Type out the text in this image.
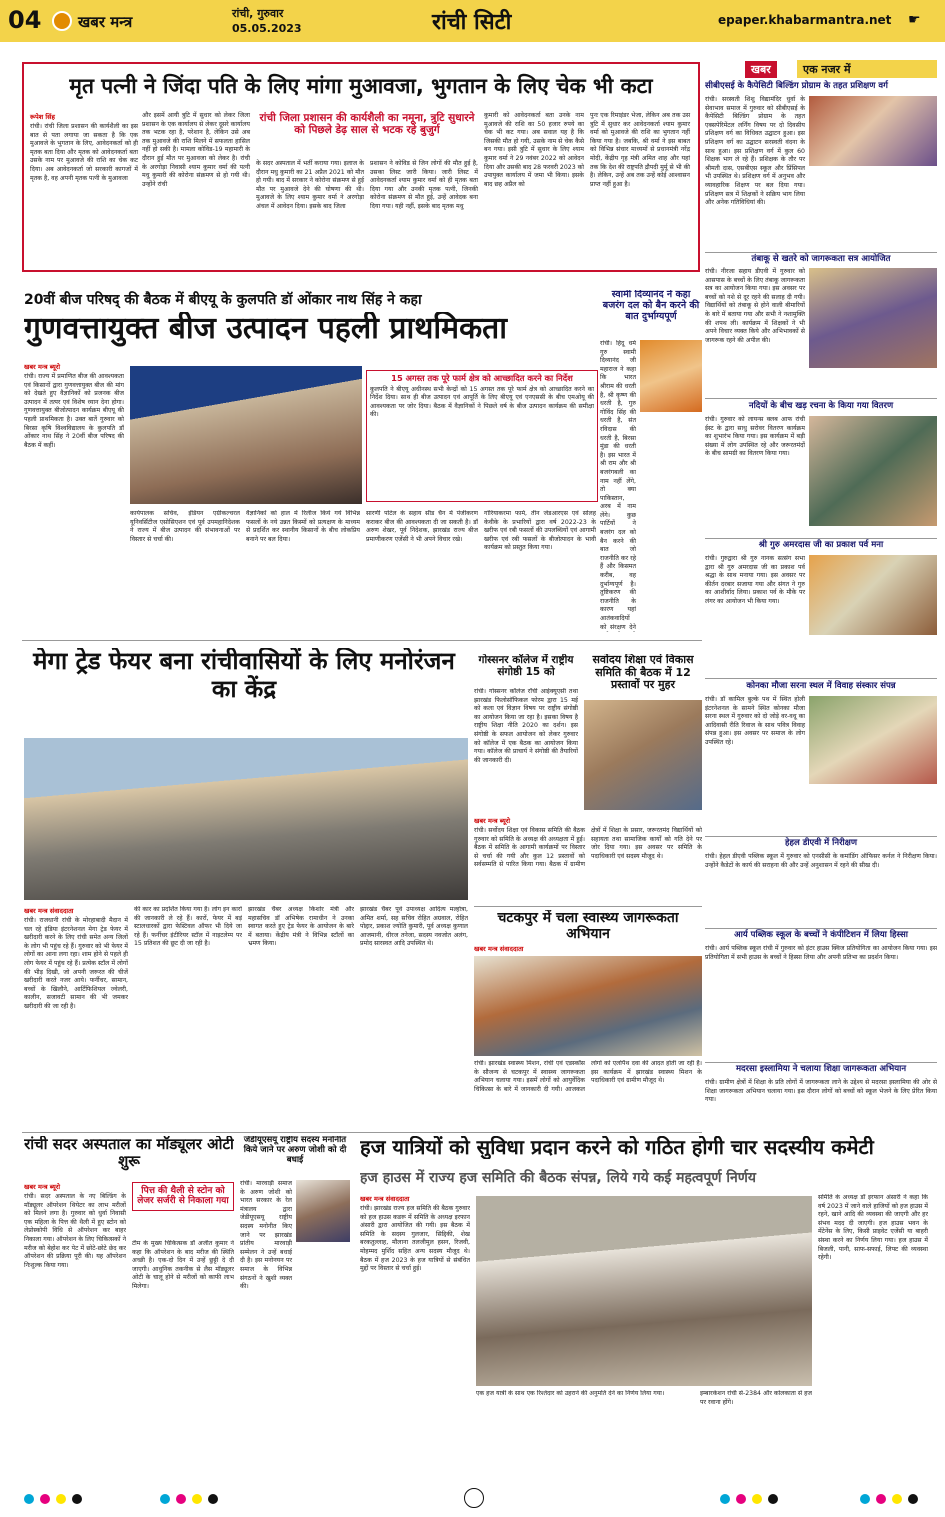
04 खबर मन्त्र	रांची, गुरुवार
05.05.2023	रांची सिटी	epaper.khabarmantra.net ☛
मृत पत्नी ने जिंदा पति के लिए मांगा मुआवजा, भुगतान के लिए चेक भी कटा
रूपेश सिंह
रांची। रांची जिला प्रशासन की कार्यशैली का इस बात से पता लगाया जा सकता है कि एक मुआवजे के भुगतान के लिए, आवेदनकर्ता को ही मृतक बता दिया और मृतक को आवेदनकर्ता बता उसके नाम पर मुआवजे की राशि का चेक कट दिया। अब आवेदनकर्ता जो सरकारी कागजों में मृतक है, वह अपनी मृतक पत्नी के मुआवजा
और इसमें आयी त्रुटि में सुधार को लेकर जिला प्रशासन के एक कार्यालय से लेकर दूसरे कार्यालय तक भटक रहा है, परेशान है, लेकिन उसे अब तक मुआवजे की राशि मिलने में सफलता हासिल नहीं हो सकी है। मामला कोविड-19 महामारी के दौरान हुई मौत पर मुआवजा को लेकर है। रांची के अरगोड़ा निवासी श्याम कुमार वर्मा की पत्नी मधु कुमारी की कोरोना संक्रमण से हो गयी थी। उन्होंने रांची
रांची जिला प्रशासन की कार्यशैली का नमूना, त्रुटि सुधारने को पिछले डेढ़ साल से भटक रहे बुजुर्ग
के सदर अस्पताल में भर्ती कराया गया। इलाज के दौरान मधु कुमारी का 21 अप्रैल 2021 को मौत हो गयी। बाद में सरकार ने कोरोना संक्रमण से हुई मौत पर मुआवजे देने की घोषणा की थी। मुआवजे के लिए श्याम कुमार वर्मा ने अरगोड़ा अंचल में आवेदन दिया। इसके बाद जिला
प्रशासन ने कोविड से जिन लोगों की मौत हुई है, उसका लिस्ट जारी किया। जारी लिस्ट में आवेदनकर्ता श्याम कुमार वर्मा को ही मृतक बता दिया गया और उनकी मृतक पत्नी, जिनकी कोरोना संक्रमण से मौत हुई, उन्हें आवेदक बना दिया गया। यही नहीं, इसके बाद मृतक मधु
कुमारी को आवेदनकर्ता बता उनके नाम मुआवजे की राशि का 50 हजार रुपये का चेक भी कट गया। अब सवाल यह है कि जिसकी मौत हो गयी, उसके नाम से चेक कैसे बन गया। इसी त्रुटि में सुधार के लिए श्याम कुमार वर्मा ने 29 नवंबर 2022 को आवेदन दिया और उसकी बाद 28 फरवरी 2023 को उपायुक्त कार्यालय में जमा भी किया। इसके बाद छह अप्रैल को
पुनः एक रिमाइंडर भेजा, लेकिन अब तक उस त्रुटि में सुधार कर आवेदनकर्ता श्याम कुमार वर्मा को मुआवजे की राशि का भुगतान नहीं किया गया है। जबकि, श्री वर्मा ने इस बाबत को विभिन्न संचार माध्यमों से प्रधानमंत्री नरेंद्र मोदी, केंद्रीय गृह मंत्री अमित शाह और यहां तक कि देश की राष्ट्रपति द्रौपदी मुर्मू से भी की है। लेकिन, उन्हें अब तक उन्हें कोई आश्वासन प्राप्त नहीं हुआ है।
खबर	एक नजर में
सीबीएसई के कैपेसिटी बिल्डिंग प्रोग्राम के तहत प्रशिक्षण वर्ग
रांची। सरस्वती शिशु विद्यामंदिर धुर्वा के सेवाभाव समाज में गुरुवार को सीबीएसई के कैपेसिटी बिल्डिंग प्रोग्राम के तहत एक्सपेरिमेंटल लर्निंग विषय पर दो दिवसीय प्रशिक्षण वर्ग का विधिवत उद्घाटन हुआ। इस प्रशिक्षण वर्ग का उद्घाटन सरस्वती वंदना के साथ हुआ। इस प्रशिक्षण वर्ग में कुल 60 शिक्षक भाग ले रहे हैं। प्रशिक्षक के तौर पर श्रीमती दास, एसबीएस स्कूल और प्रिंसिपल भी उपस्थित थे। प्रशिक्षण वर्ग में अनुभव और व्यावहारिक शिक्षण पर बल दिया गया। प्रशिक्षण सत्र में शिक्षकों ने सक्रिय भाग लिया और अनेक गतिविधियां की।
तंबाकू से खतरे को जागरूकता सत्र आयोजित
रांची। नीरजा सहाय डीएवी में गुरुवार को आसपास के बच्चों के लिए तंबाकू जागरूकता सत्र का आयोजन किया गया। इस अवसर पर बच्चों को नशे से दूर रहने की सलाह दी गयी। विद्यार्थियों को तंबाकू से होने वाली बीमारियों के बारे में बताया गया और सभी ने नशामुक्ति की शपथ ली। कार्यक्रम में शिक्षकों ने भी अपने विचार व्यक्त किये और अभिभावकों से जागरूक रहने की अपील की।
नदियों के बीच खड़ रचना के किया गया वितरण
रांची। गुरुवार को लायन्स क्लब आफ रांची ईस्ट के द्वारा साधु सरोवर वितरण कार्यक्रम का शुभारंभ किया गया। इस कार्यक्रम में बड़ी संख्या में लोग उपस्थित रहे और जरूरतमंदों के बीच सामग्री का वितरण किया गया।
श्री गुरु अमरदास जी का प्रकाश पर्व मना
रांची। गुरुद्वारा श्री गुरु नानक सत्संग सभा द्वारा श्री गुरु अमरदास जी का प्रकाश पर्व श्रद्धा के साथ मनाया गया। इस अवसर पर कीर्तन दरबार सजाया गया और संगत ने गुरु का आशीर्वाद लिया। प्रकाश पर्व के मौके पर लंगर का आयोजन भी किया गया।
कोनका मौजा सरना स्थल में विवाह संस्कार संपन्न
रांची। डॉ कामिल बुल्के पथ में स्थित होली इंटरनेशनल के सामने स्थित कोनका मौजा सरना स्थल में गुरुवार को दो जोड़े वर-वधू का आदिवासी रीति रिवाज के साथ पवित्र विवाह संपन्न हुआ। इस अवसर पर समाज के लोग उपस्थित रहे।
हेहल डीएवी में निरीक्षण
रांची। हेहल डीएवी पब्लिक स्कूल में गुरुवार को एनसीसी के कमांडिंग ऑफिसर कर्नल ने निरीक्षण किया। उन्होंने कैडेटों के कार्य की सराहना की और उन्हें अनुशासन में रहने की सीख दी।
आर्य पब्लिक स्कूल के बच्चों ने कंपीटिशन में लिया हिस्सा
रांची। आर्य पब्लिक स्कूल रांची में गुरुवार को इंटर हाउस क्विज प्रतियोगिता का आयोजन किया गया। इस प्रतियोगिता में सभी हाउस के बच्चों ने हिस्सा लिया और अपनी प्रतिभा का प्रदर्शन किया।
मदरसा इस्लामिया ने चलाया शिक्षा जागरूकता अभियान
रांची। ग्रामीण क्षेत्रों में शिक्षा के प्रति लोगों में जागरूकता लाने के उद्देश्य से मदरसा इस्लामिया की ओर से शिक्षा जागरूकता अभियान चलाया गया। इस दौरान लोगों को बच्चों को स्कूल भेजने के लिए प्रेरित किया गया।
20वीं बीज परिषद् की बैठक में बीएयू के कुलपति डॉ ओंकार नाथ सिंह ने कहा
गुणवत्तायुक्त बीज उत्पादन पहली प्राथमिकता
खबर मन्त्र ब्यूरो
रांची। राज्य में प्रमाणित बीज की आवश्यकता एवं किसानों द्वारा गुणवत्तायुक्त बीज की मांग को देखते हुए वैज्ञानिकों को प्रजनक बीज उत्पादन में तत्पर एवं विशेष ध्यान देना होगा। गुणवत्तायुक्त बीजोत्पादन कार्यक्रम बीएयू की पहली प्राथमिकता है। उक्त बातें गुरुवार को बिरसा कृषि विश्वविद्यालय के कुलपति डॉ ओंकार नाथ सिंह ने 20वीं बीज परिषद की बैठक में कहीं।
15 अगस्त तक पूरे फार्म क्षेत्र को आच्छादित करने का निर्देश
कुलपति ने बीएयू अधीनस्थ सभी केन्द्रों को 15 अगस्त तक पूरे फार्म क्षेत्र को आच्छादित करने का निर्देश दिया। साथ ही बीज उत्पादन एवं आपूर्ति के लिए बीएयू एवं एनएससी के बीच एमओयू की आवश्यकता पर जोर दिया। बैठक में वैज्ञानिकों ने पिछले वर्ष के बीज उत्पादन कार्यक्रम की समीक्षा की।
कार्यपालक सचिव, इंडियन एग्रीकल्चरल यूनिवर्सिटीज एसोसिएशन एवं पूर्व उपमहानिदेशक ने राज्य में बीज उत्पादन की संभावनाओं पर विस्तार से चर्चा की।
वैज्ञानिकों को हाल में रिलीज किये गये विभिन्न फसलों के नये उन्नत किस्मों को प्रत्यक्षण के माध्यम से प्रदर्शित कर स्थानीय किसानों के बीच लोकप्रिय बनाने पर बल दिया।
सारणी पोर्टल के सहाय सीड चैन में पंजीकरण कराकर बीज की आवश्यकता दी जा सकती है। डॉ अरुण शेखर, पूर्व निदेशक, झारखंड राज्य बीज प्रमाणीकरण एजेंसी ने भी अपने विचार रखे।
गोरियाकरमा फार्म, तीन जेडआरएस एवं सोलह केवीके के प्रभारियों द्वारा वर्ष 2022-23 के खरीफ एवं रबी फसलों की उपलब्धियों एवं आगामी खरीफ एवं रबी फसलों के बीजोत्पादन के भावी कार्यक्रम को प्रस्तुत किया गया।
स्वामी दिव्यानंद ने कहा बजरंग दल को बैन करने की बात दुर्भाग्यपूर्ण
रांची। हिंदू धर्म गुरु स्वामी दिव्यानंद जी महाराज ने कहा कि भारत श्रीराम की धरती है, श्री कृष्ण की धरती है, गुरु गोविंद सिंह की धरती है, संत रविदास की धरती है, बिरसा मुंडा की धरती है। इस भारत में श्री राम और श्री बजरंगबली का नाम नहीं लेंगे, तो क्या पाकिस्तान, अरब में नाम लेंगे। कुछ पार्टियों ने बजरंग दल को बैन करने की बात जो राजनीति कर रहे हैं और किसमत करीब, वह दुर्भाग्यपूर्ण है। तुष्टिकरण की राजनीति के कारण यहां आतंकवादियों को संरक्षण देने
मेगा ट्रेड फेयर बना रांचीवासियों के लिए मनोरंजन का केंद्र
खबर मन्त्र संवाददाता
रांची। राजधानी रांची के मोरहाबादी मैदान में चल रहे इंडिया इंटरनेशनल मेगा ट्रेड फेयर में खरीदारी करने के लिए रांची समेत अन्य जिलों के लोग भी पहुंच रहे हैं। गुरुवार को भी फेयर में लोगों का आना लगा रहा। शाम होने से पहले ही लोग फेयर में पहुंच रहे हैं। प्रत्येक स्टॉल में लोगों की भीड़ दिखी, जो अपनी जरूरत की चीजें खरीदारी करते नजर आये। फर्नीचर, सामान, बच्चों के खिलौने, आर्टिफिशियल ज्वेलरी, कालीन, सजावटी सामान की भी जमकर खरीदारी की जा रही है।
की कार का प्रदर्शित किया गया है। लोग इन कारों की जानकारी ले रहे हैं। कारों, फेयर में बड़ं स्टालधारकों द्वारा फेस्टिवल ऑफर भी दिये जा रहे हैं। फर्नीचर इंटीरियर स्टॉल में नाइटलेम्प पर 15 प्रतिशत की छूट दी जा रही है।
झारखंड चैंबर अध्यक्ष किशोर मंत्री और महासचिव डॉ अभिषेक रामाधीन ने उनका स्वागत करते हुए ट्रेड फेयर के आयोजन के बारे में बताया। केंद्रीय मंत्री ने विभिन्न स्टॉलों का भ्रमण किया।
झारखंड चैंबर पूर्व उपाध्यक्ष आदित्य मल्होत्रा, अमित शर्मा, सह सचिव रोहित अग्रवाल, रोहित पोद्दार, प्रकाश ज्योति कुमारी, पूर्व अध्यक्ष कुणाल आजमानी, धीरज तनेजा, सदस्य नवजोत अलंग, प्रमोद सारस्वत आदि उपस्थित थे।
गोस्सनर कॉलेज में राष्ट्रीय संगोष्ठी 15 को
रांची। गोस्सनर कॉलेज राँची आईक्यूएसी तथा झारखंड फिलोसॉफिकल फोरम द्वारा 15 मई को कला एवं विज्ञान विषय पर राष्ट्रीय संगोष्ठी का आयोजन किया जा रहा है। इसका विषय है राष्ट्रीय शिक्षा नीति 2020 का दर्शन। इस संगोष्ठी के सफल आयोजन को लेकर गुरुवार को कॉलेज में एक बैठक का आयोजन किया गया। कॉलेज की प्राचार्य ने संगोष्ठी की तैयारियों की जानकारी दी।
सर्वोदय शिक्षा एवं विकास समिति की बैठक में 12 प्रस्तावों पर मुहर
खबर मन्त्र ब्यूरो
रांची। सर्वोदय शिक्षा एवं विकास समिति की बैठक गुरुवार को समिति के अध्यक्ष की अध्यक्षता में हुई। बैठक में समिति के आगामी कार्यक्रमों पर विस्तार से चर्चा की गयी और कुल 12 प्रस्तावों को सर्वसम्मति से पारित किया गया। बैठक में ग्रामीण क्षेत्रों में शिक्षा के प्रसार, जरूरतमंद विद्यार्थियों को सहायता तथा सामाजिक कार्यों को गति देने पर जोर दिया गया। इस अवसर पर समिति के पदाधिकारी एवं सदस्य मौजूद थे।
चटकपुर में चला स्वास्थ्य जागरूकता अभियान
खबर मन्त्र संवाददाता
रांची। झारखंड स्वास्थ्य मिशन, रांची एवं एडस्कॉस के सौजन्य से चटकपुर में स्वास्थ्य जागरूकता अभियान चलाया गया। इसमें लोगों को आयुर्वेदिक चिकित्सा के बारे में जानकारी दी गयी। आजकल लोगों को एलोपैथ दवा की आदत होती जा रही है। इस कार्यक्रम में झारखंड स्वास्थ्य मिशन के पदाधिकारी एवं ग्रामीण मौजूद थे।
रांची सदर अस्पताल का मॉड्यूलर ओटी शुरू
खबर मन्त्र ब्यूरो
रांची। सदर अस्पताल के नए बिल्डिंग के मॉड्यूलर ऑपरेशन थियेटर का लाभ मरीजों को मिलने लगा है। गुरुवार को धुर्वा निवासी एक महिला के पित्त की थैली में हुए स्टोन को लेप्रोस्कोपी विधि से ऑपरेशन कर बाहर निकाला गया। ऑपरेशन के लिए चिकित्सकों ने मरीज को बेहोश कर पेट में छोटे-छोटे छेद कर ऑपरेशन की प्रक्रिया पूरी की। यह ऑपरेशन निःशुल्क किया गया।
पित्त की थैली से स्टोन को लेजर सर्जरी से निकाला गया
टीम के मुख्य चिकित्सक डॉ अजीत कुमार ने कहा कि ऑपरेशन के बाद मरीज की स्थिति अच्छी है। एक-दो दिन में उन्हें छुट्टी दे दी जाएगी। आधुनिक तकनीक से लैस मॉड्यूलर ओटी के चालू होने से मरीजों को काफी लाभ मिलेगा।
जेडीयूएसयू राष्ट्रीय सदस्य मनोनीत किये जाने पर अरुण जोशी को दी बधाई
रांची। मारवाड़ी समाज के अरुण जोशी को भारत सरकार के रेल मंत्रालय द्वारा जेडीयूएसयू राष्ट्रीय सदस्य मनोनीत किए जाने पर झारखंड प्रांतीय मारवाड़ी सम्मेलन ने उन्हें बधाई दी है। इस मनोनयन पर समाज के विभिन्न संगठनों ने खुशी व्यक्त की।
हज यात्रियों को सुविधा प्रदान करने को गठित होगी चार सदस्यीय कमेटी
हज हाउस में राज्य हज समिति की बैठक संपन्न, लिये गये कई महत्वपूर्ण निर्णय
खबर मन्त्र संवाददाता
रांची। झारखंड राज्य हज समिति की बैठक गुरुवार को हज हाउस कडरू में समिति के अध्यक्ष इरफान अंसारी द्वारा आयोजित की गयी। इस बैठक में समिति के सदस्य गुलजार, सिद्दिकी, शेख बरकतुल्लाह, मौलाना तलजीमुल हसन, रिजवी, मोहम्मद मुर्शिद सहित अन्य सदस्य मौजूद थे। बैठक में हज 2023 के हज यात्रियों से संबंधित मुद्दों पर विस्तार से चर्चा हुई।
एक हज यात्री के साथ एक रिश्तेदार को उहराने की अनुमति देने का निर्णय लिया गया।	इम्बारकेशन रांची से-2384 और कोलकाता से हज पर रवाना होंगे।
समिति के अध्यक्ष डॉ इरफान अंसारी ने कहा कि वर्ष 2023 में जाने वाले हाजियों को हज हाउस में रहने, खाने आदि की व्यवस्था की जाएगी और हर संभव मदद दी जाएगी। हज हाउस भवन के मेंटेनेंस के लिए, किसी प्राइवेट एजेंसी या बाहरी संस्था करने का निर्णय लिया गया। हज हाउस में बिजली, पानी, साफ-सफाई, लिफ्ट की व्यवस्था रहेगी।
